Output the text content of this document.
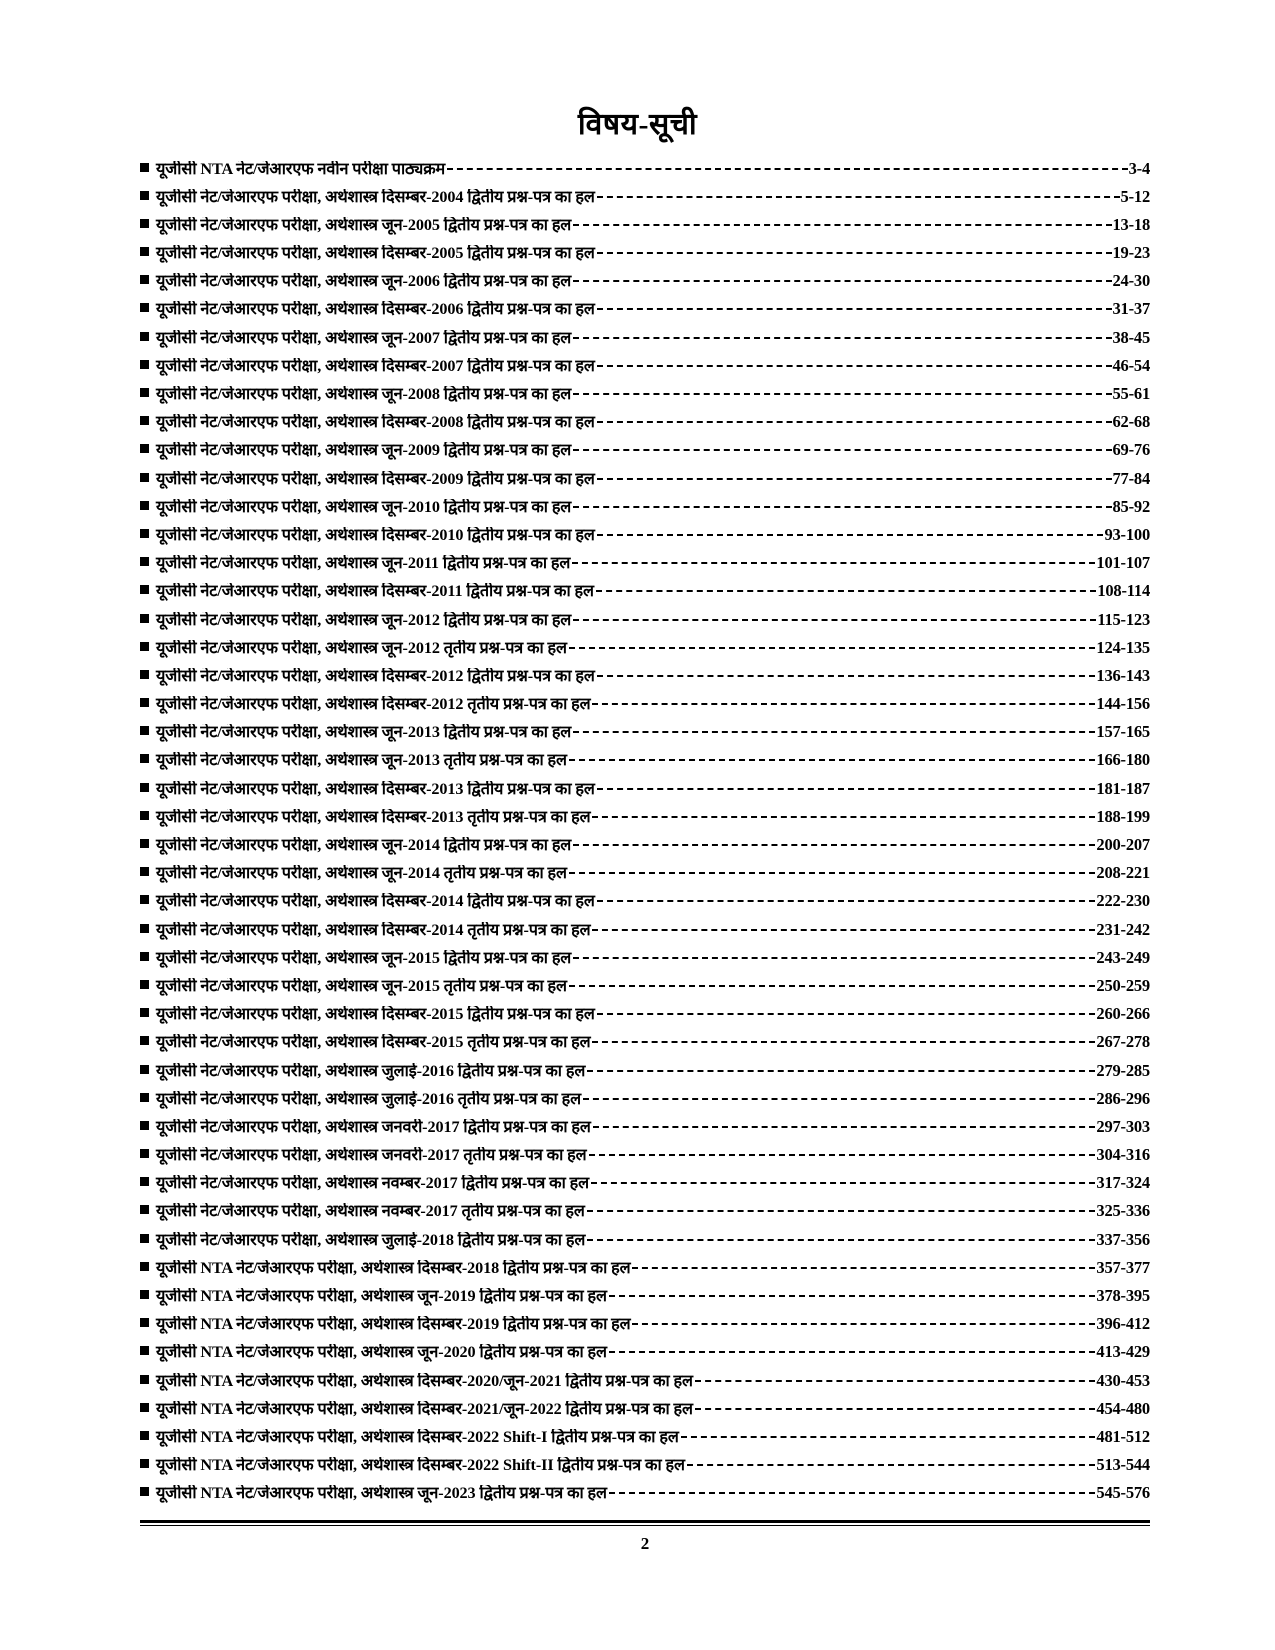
विषय-सूची
यूजीसी NTA नेट/जेआरएफ नवीन परीक्षा पाठ्यक्रम	3-4
यूजीसी नेट/जेआरएफ परीक्षा, अर्थशास्त्र दिसम्बर-2004 द्वितीय प्रश्न-पत्र का हल	5-12
यूजीसी नेट/जेआरएफ परीक्षा, अर्थशास्त्र जून-2005 द्वितीय प्रश्न-पत्र का हल	13-18
यूजीसी नेट/जेआरएफ परीक्षा, अर्थशास्त्र दिसम्बर-2005 द्वितीय प्रश्न-पत्र का हल	19-23
यूजीसी नेट/जेआरएफ परीक्षा, अर्थशास्त्र जून-2006 द्वितीय प्रश्न-पत्र का हल	24-30
यूजीसी नेट/जेआरएफ परीक्षा, अर्थशास्त्र दिसम्बर-2006 द्वितीय प्रश्न-पत्र का हल	31-37
यूजीसी नेट/जेआरएफ परीक्षा, अर्थशास्त्र जून-2007 द्वितीय प्रश्न-पत्र का हल	38-45
यूजीसी नेट/जेआरएफ परीक्षा, अर्थशास्त्र दिसम्बर-2007 द्वितीय प्रश्न-पत्र का हल	46-54
यूजीसी नेट/जेआरएफ परीक्षा, अर्थशास्त्र जून-2008 द्वितीय प्रश्न-पत्र का हल	55-61
यूजीसी नेट/जेआरएफ परीक्षा, अर्थशास्त्र दिसम्बर-2008 द्वितीय प्रश्न-पत्र का हल	62-68
यूजीसी नेट/जेआरएफ परीक्षा, अर्थशास्त्र जून-2009 द्वितीय प्रश्न-पत्र का हल	69-76
यूजीसी नेट/जेआरएफ परीक्षा, अर्थशास्त्र दिसम्बर-2009 द्वितीय प्रश्न-पत्र का हल	77-84
यूजीसी नेट/जेआरएफ परीक्षा, अर्थशास्त्र जून-2010 द्वितीय प्रश्न-पत्र का हल	85-92
यूजीसी नेट/जेआरएफ परीक्षा, अर्थशास्त्र दिसम्बर-2010 द्वितीय प्रश्न-पत्र का हल	93-100
यूजीसी नेट/जेआरएफ परीक्षा, अर्थशास्त्र जून-2011 द्वितीय प्रश्न-पत्र का हल	101-107
यूजीसी नेट/जेआरएफ परीक्षा, अर्थशास्त्र दिसम्बर-2011 द्वितीय प्रश्न-पत्र का हल	108-114
यूजीसी नेट/जेआरएफ परीक्षा, अर्थशास्त्र जून-2012 द्वितीय प्रश्न-पत्र का हल	115-123
यूजीसी नेट/जेआरएफ परीक्षा, अर्थशास्त्र जून-2012 तृतीय प्रश्न-पत्र का हल	124-135
यूजीसी नेट/जेआरएफ परीक्षा, अर्थशास्त्र दिसम्बर-2012 द्वितीय प्रश्न-पत्र का हल	136-143
यूजीसी नेट/जेआरएफ परीक्षा, अर्थशास्त्र दिसम्बर-2012 तृतीय प्रश्न-पत्र का हल	144-156
यूजीसी नेट/जेआरएफ परीक्षा, अर्थशास्त्र जून-2013 द्वितीय प्रश्न-पत्र का हल	157-165
यूजीसी नेट/जेआरएफ परीक्षा, अर्थशास्त्र जून-2013 तृतीय प्रश्न-पत्र का हल	166-180
यूजीसी नेट/जेआरएफ परीक्षा, अर्थशास्त्र दिसम्बर-2013 द्वितीय प्रश्न-पत्र का हल	181-187
यूजीसी नेट/जेआरएफ परीक्षा, अर्थशास्त्र दिसम्बर-2013 तृतीय प्रश्न-पत्र का हल	188-199
यूजीसी नेट/जेआरएफ परीक्षा, अर्थशास्त्र जून-2014 द्वितीय प्रश्न-पत्र का हल	200-207
यूजीसी नेट/जेआरएफ परीक्षा, अर्थशास्त्र जून-2014 तृतीय प्रश्न-पत्र का हल	208-221
यूजीसी नेट/जेआरएफ परीक्षा, अर्थशास्त्र दिसम्बर-2014 द्वितीय प्रश्न-पत्र का हल	222-230
यूजीसी नेट/जेआरएफ परीक्षा, अर्थशास्त्र दिसम्बर-2014 तृतीय प्रश्न-पत्र का हल	231-242
यूजीसी नेट/जेआरएफ परीक्षा, अर्थशास्त्र जून-2015 द्वितीय प्रश्न-पत्र का हल	243-249
यूजीसी नेट/जेआरएफ परीक्षा, अर्थशास्त्र जून-2015 तृतीय प्रश्न-पत्र का हल	250-259
यूजीसी नेट/जेआरएफ परीक्षा, अर्थशास्त्र दिसम्बर-2015 द्वितीय प्रश्न-पत्र का हल	260-266
यूजीसी नेट/जेआरएफ परीक्षा, अर्थशास्त्र दिसम्बर-2015 तृतीय प्रश्न-पत्र का हल	267-278
यूजीसी नेट/जेआरएफ परीक्षा, अर्थशास्त्र जुलाई-2016 द्वितीय प्रश्न-पत्र का हल	279-285
यूजीसी नेट/जेआरएफ परीक्षा, अर्थशास्त्र जुलाई-2016 तृतीय प्रश्न-पत्र का हल	286-296
यूजीसी नेट/जेआरएफ परीक्षा, अर्थशास्त्र जनवरी-2017 द्वितीय प्रश्न-पत्र का हल	297-303
यूजीसी नेट/जेआरएफ परीक्षा, अर्थशास्त्र जनवरी-2017 तृतीय प्रश्न-पत्र का हल	304-316
यूजीसी नेट/जेआरएफ परीक्षा, अर्थशास्त्र नवम्बर-2017 द्वितीय प्रश्न-पत्र का हल	317-324
यूजीसी नेट/जेआरएफ परीक्षा, अर्थशास्त्र नवम्बर-2017 तृतीय प्रश्न-पत्र का हल	325-336
यूजीसी नेट/जेआरएफ परीक्षा, अर्थशास्त्र जुलाई-2018 द्वितीय प्रश्न-पत्र का हल	337-356
यूजीसी NTA नेट/जेआरएफ परीक्षा, अर्थशास्त्र दिसम्बर-2018 द्वितीय प्रश्न-पत्र का हल	357-377
यूजीसी NTA नेट/जेआरएफ परीक्षा, अर्थशास्त्र जून-2019 द्वितीय प्रश्न-पत्र का हल	378-395
यूजीसी NTA नेट/जेआरएफ परीक्षा, अर्थशास्त्र दिसम्बर-2019 द्वितीय प्रश्न-पत्र का हल	396-412
यूजीसी NTA नेट/जेआरएफ परीक्षा, अर्थशास्त्र जून-2020 द्वितीय प्रश्न-पत्र का हल	413-429
यूजीसी NTA नेट/जेआरएफ परीक्षा, अर्थशास्त्र दिसम्बर-2020/जून-2021 द्वितीय प्रश्न-पत्र का हल	430-453
यूजीसी NTA नेट/जेआरएफ परीक्षा, अर्थशास्त्र दिसम्बर-2021/जून-2022 द्वितीय प्रश्न-पत्र का हल	454-480
यूजीसी NTA नेट/जेआरएफ परीक्षा, अर्थशास्त्र दिसम्बर-2022 Shift-I द्वितीय प्रश्न-पत्र का हल	481-512
यूजीसी NTA नेट/जेआरएफ परीक्षा, अर्थशास्त्र दिसम्बर-2022 Shift-II द्वितीय प्रश्न-पत्र का हल	513-544
यूजीसी NTA नेट/जेआरएफ परीक्षा, अर्थशास्त्र जून-2023 द्वितीय प्रश्न-पत्र का हल	545-576
2
